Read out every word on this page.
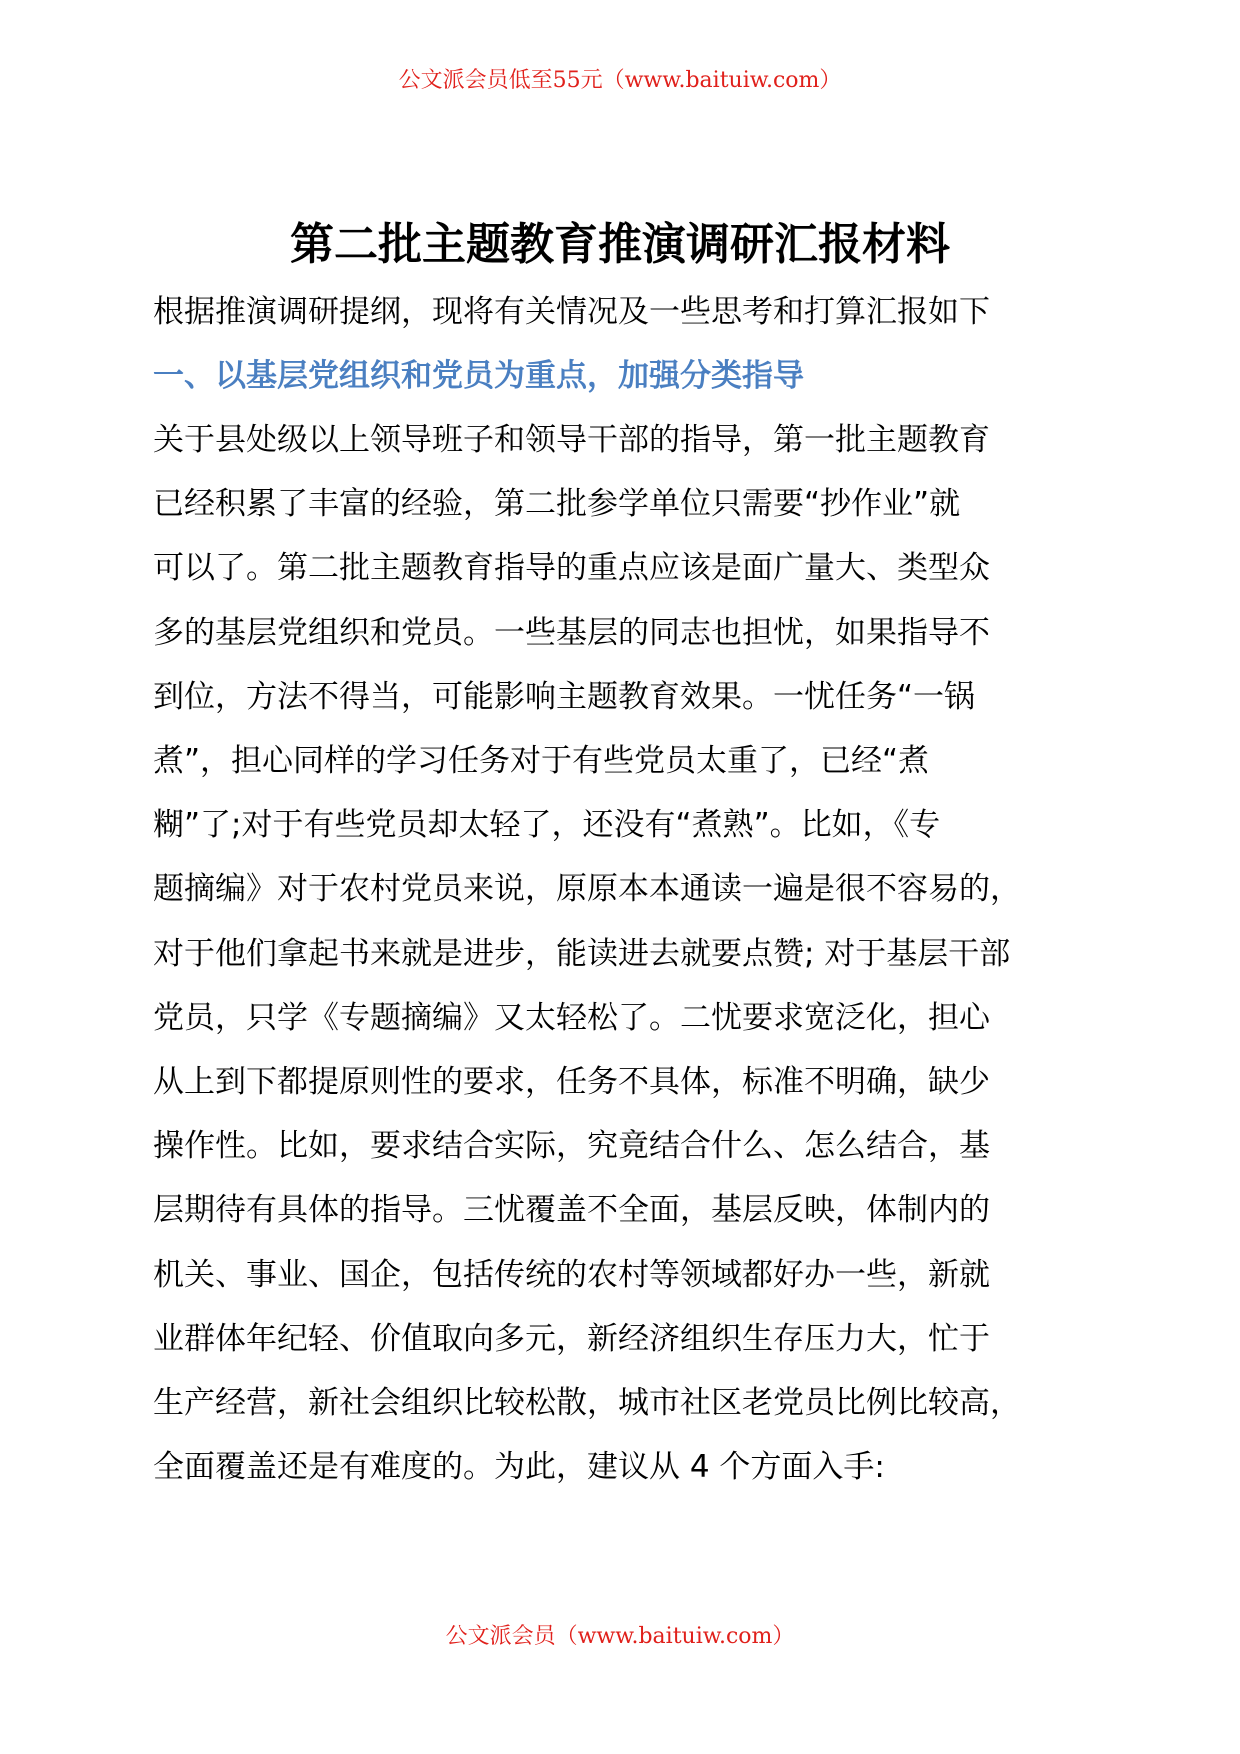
公文派会员低至55元（www.baitu​iw.com）
第二批主题教育推演调研汇报材料

根据推演调研提纲，现将有关情况及一些思考和打算汇报如下

一、以基层党组织和党员为重点，加强分类指导

关于县处级以上领导班子和领导干部的指导，第一批主题教育

已经积累了丰富的经验，第二批参学单位只需要“抄作业”就

可以了。第二批主题教育指导的重点应该是面广量大、类型众

多的基层党组织和党员。一些基层的同志也担忧，如果指导不

到位，方法不得当，可能影响主题教育效果。一忧任务“一锅

煮”，担心同样的学习任务对于有些党员太重了，已经“煮

糊”了;对于有些党员却太轻了，还没有“煮熟”。比如，《专

题摘编》对于农村党员来说，原原本本通读一遍是很不容易的，

对于他们拿起书来就是进步，能读进去就要点赞; 对于基层干部

党员，只学《专题摘编》又太轻松了。二忧要求宽泛化，担心

从上到下都提原则性的要求，任务不具体，标准不明确，缺少

操作性。比如，要求结合实际，究竟结合什么、怎么结合，基

层期待有具体的指导。三忧覆盖不全面，基层反映，体制内的

机关、事业、国企，包括传统的农村等领域都好办一些，新就

业群体年纪轻、价值取向多元，新经济组织生存压力大，忙于

生产经营，新社会组织比较松散，城市社区老党员比例比较高，

全面覆盖还是有难度的。为此，建议从 4 个方面入手:

公文派会员（www.baituiw.com）
